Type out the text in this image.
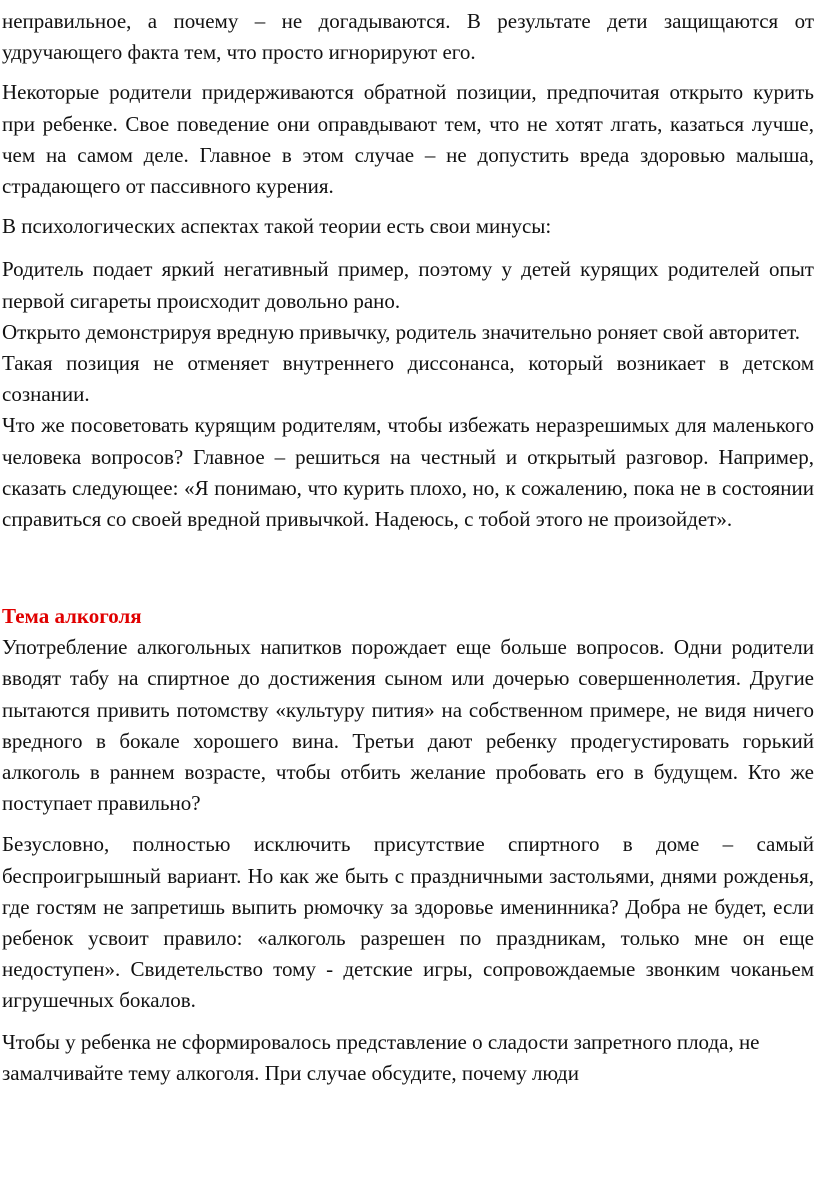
неправильное, а почему – не догадываются. В результате дети защищаются от удручающего факта тем, что просто игнорируют его.

Некоторые родители придерживаются обратной позиции, предпочитая открыто курить при ребенке. Свое поведение они оправдывают тем, что не хотят лгать, казаться лучше, чем на самом деле. Главное в этом случае – не допустить вреда здоровью малыша, страдающего от пассивного курения.

В психологических аспектах такой теории есть свои минусы:

Родитель подает яркий негативный пример, поэтому у детей курящих родителей опыт первой сигареты происходит довольно рано.

Открыто демонстрируя вредную привычку, родитель значительно роняет свой авторитет.

Такая позиция не отменяет внутреннего диссонанса, который возникает в детском сознании.

Что же посоветовать курящим родителям, чтобы избежать неразрешимых для маленького человека вопросов? Главное – решиться на честный и открытый разговор. Например, сказать следующее: «Я понимаю, что курить плохо, но, к сожалению, пока не в состоянии справиться со своей вредной привычкой. Надеюсь, с тобой этого не произойдет».

Тема алкоголя

Употребление алкогольных напитков порождает еще больше вопросов. Одни родители вводят табу на спиртное до достижения сыном или дочерью совершеннолетия. Другие пытаются привить потомству «культуру пития» на собственном примере, не видя ничего вредного в бокале хорошего вина. Третьи дают ребенку продегустировать горький алкоголь в раннем возрасте, чтобы отбить желание пробовать его в будущем. Кто же поступает правильно?

Безусловно, полностью исключить присутствие спиртного в доме – самый беспроигрышный вариант. Но как же быть с праздничными застольями, днями рожденья, где гостям не запретишь выпить рюмочку за здоровье именинника? Добра не будет, если ребенок усвоит правило: «алкоголь разрешен по праздникам, только мне он еще недоступен». Свидетельство тому - детские игры, сопровождаемые звонким чоканьем игрушечных бокалов.

Чтобы у ребенка не сформировалось представление о сладости запретного плода, не замалчивайте тему алкоголя. При случае обсудите, почему люди
